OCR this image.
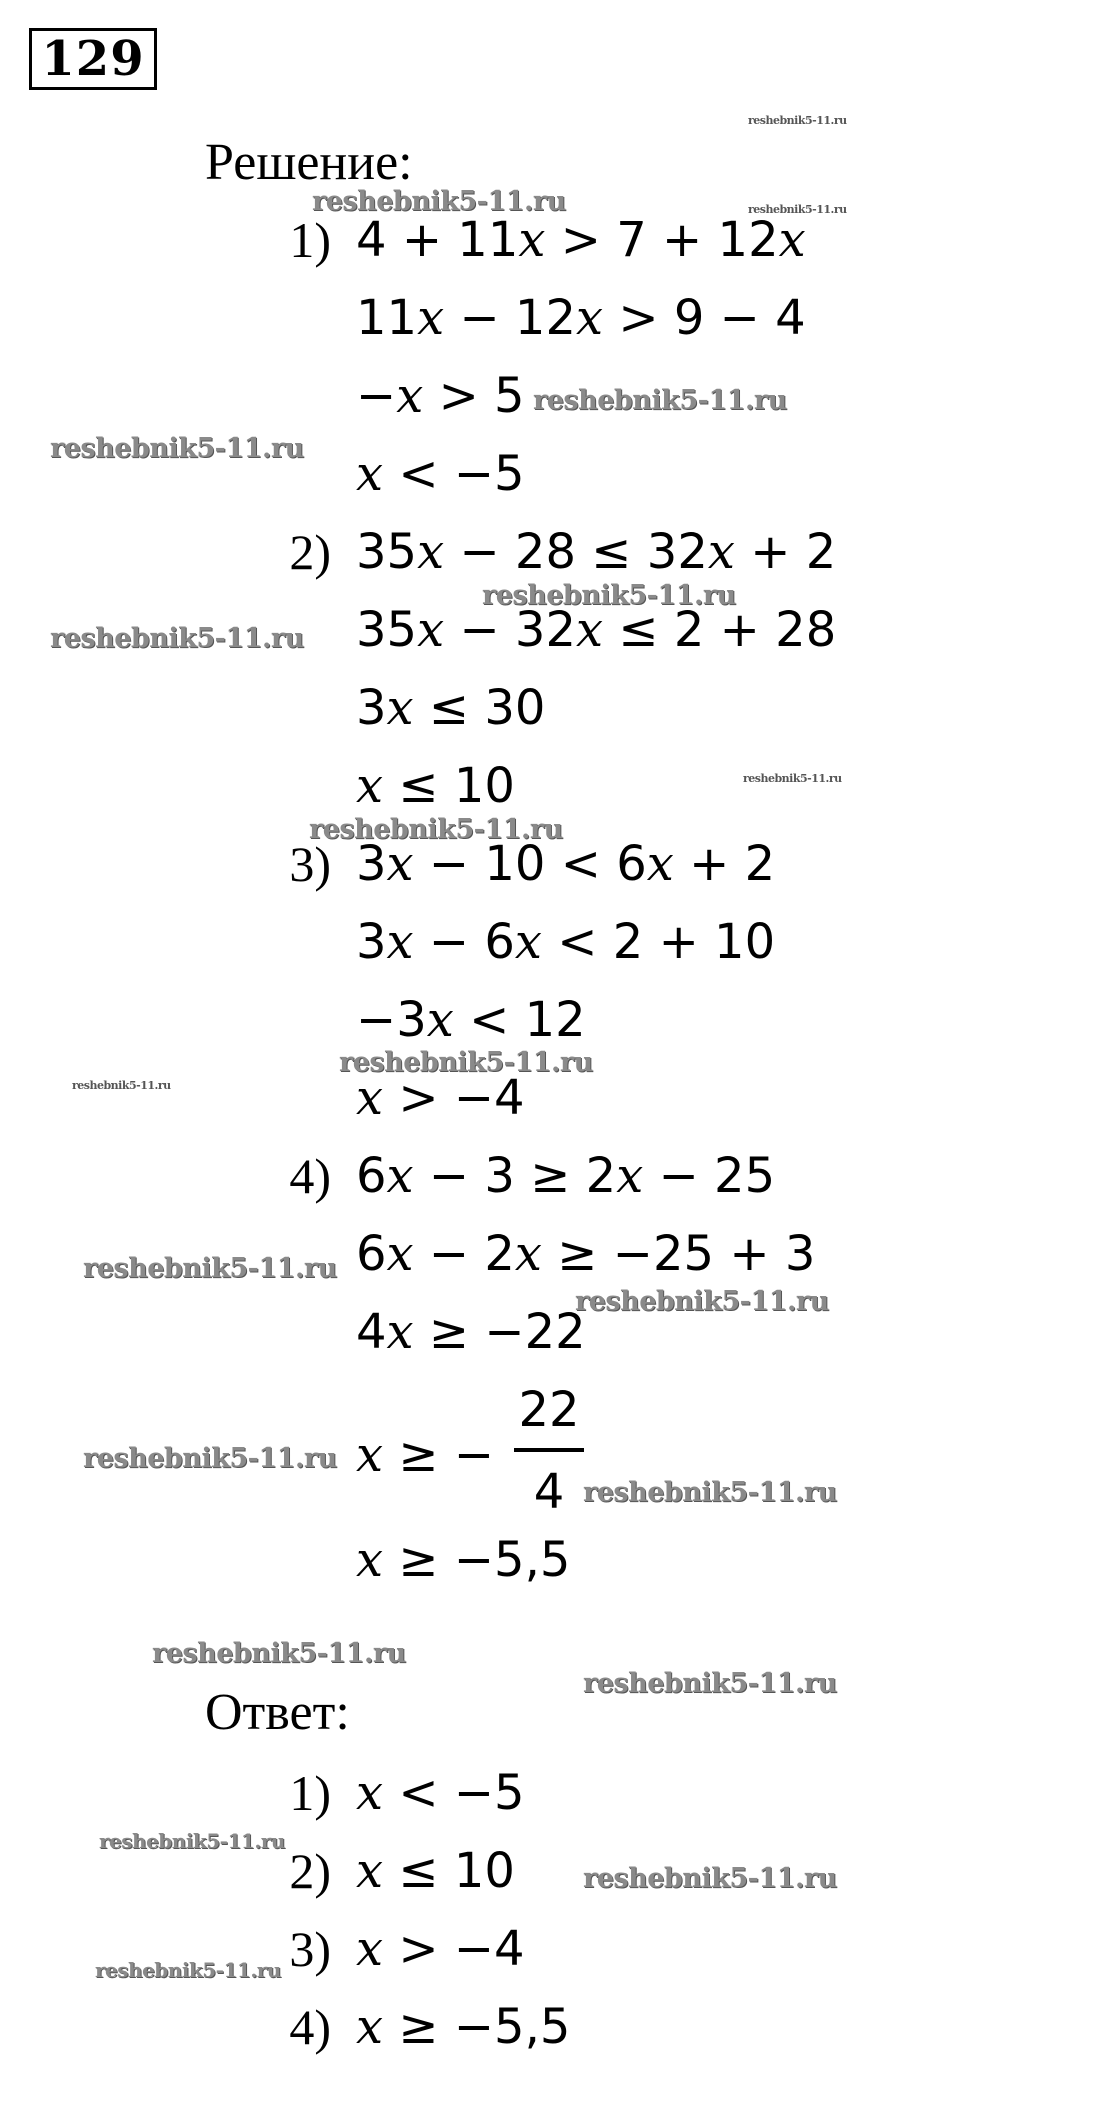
129
Решение:
1) 4 + 11x > 7 + 12x
11x − 12x > 9 − 4
−x > 5
x < −5
2) 35x − 28 ≤ 32x + 2
35x − 32x ≤ 2 + 28
3x ≤ 30
x ≤ 10
3) 3x − 10 < 6x + 2
3x − 6x < 2 + 10
−3x < 12
x > −4
4) 6x − 3 ≥ 2x − 25
6x − 2x ≥ −25 + 3
4x ≥ −22
x ≥ −
22
4
x ≥ −5,5
Ответ:
1) x < −5
2) x ≤ 10
3) x > −4
4) x ≥ −5,5
reshebnik5-11.ru
reshebnik5-11.ru	reshebnik5-11.ru
reshebnik5-11.ru
reshebnik5-11.ru
reshebnik5-11.ru
reshebnik5-11.ru
reshebnik5-11.ru
reshebnik5-11.ru
reshebnik5-11.ru
reshebnik5-11.ru
reshebnik5-11.ru
reshebnik5-11.ru
reshebnik5-11.ru
reshebnik5-11.ru
reshebnik5-11.ru
reshebnik5-11.ru
reshebnik5-11.ru
reshebnik5-11.ru
reshebnik5-11.ru
